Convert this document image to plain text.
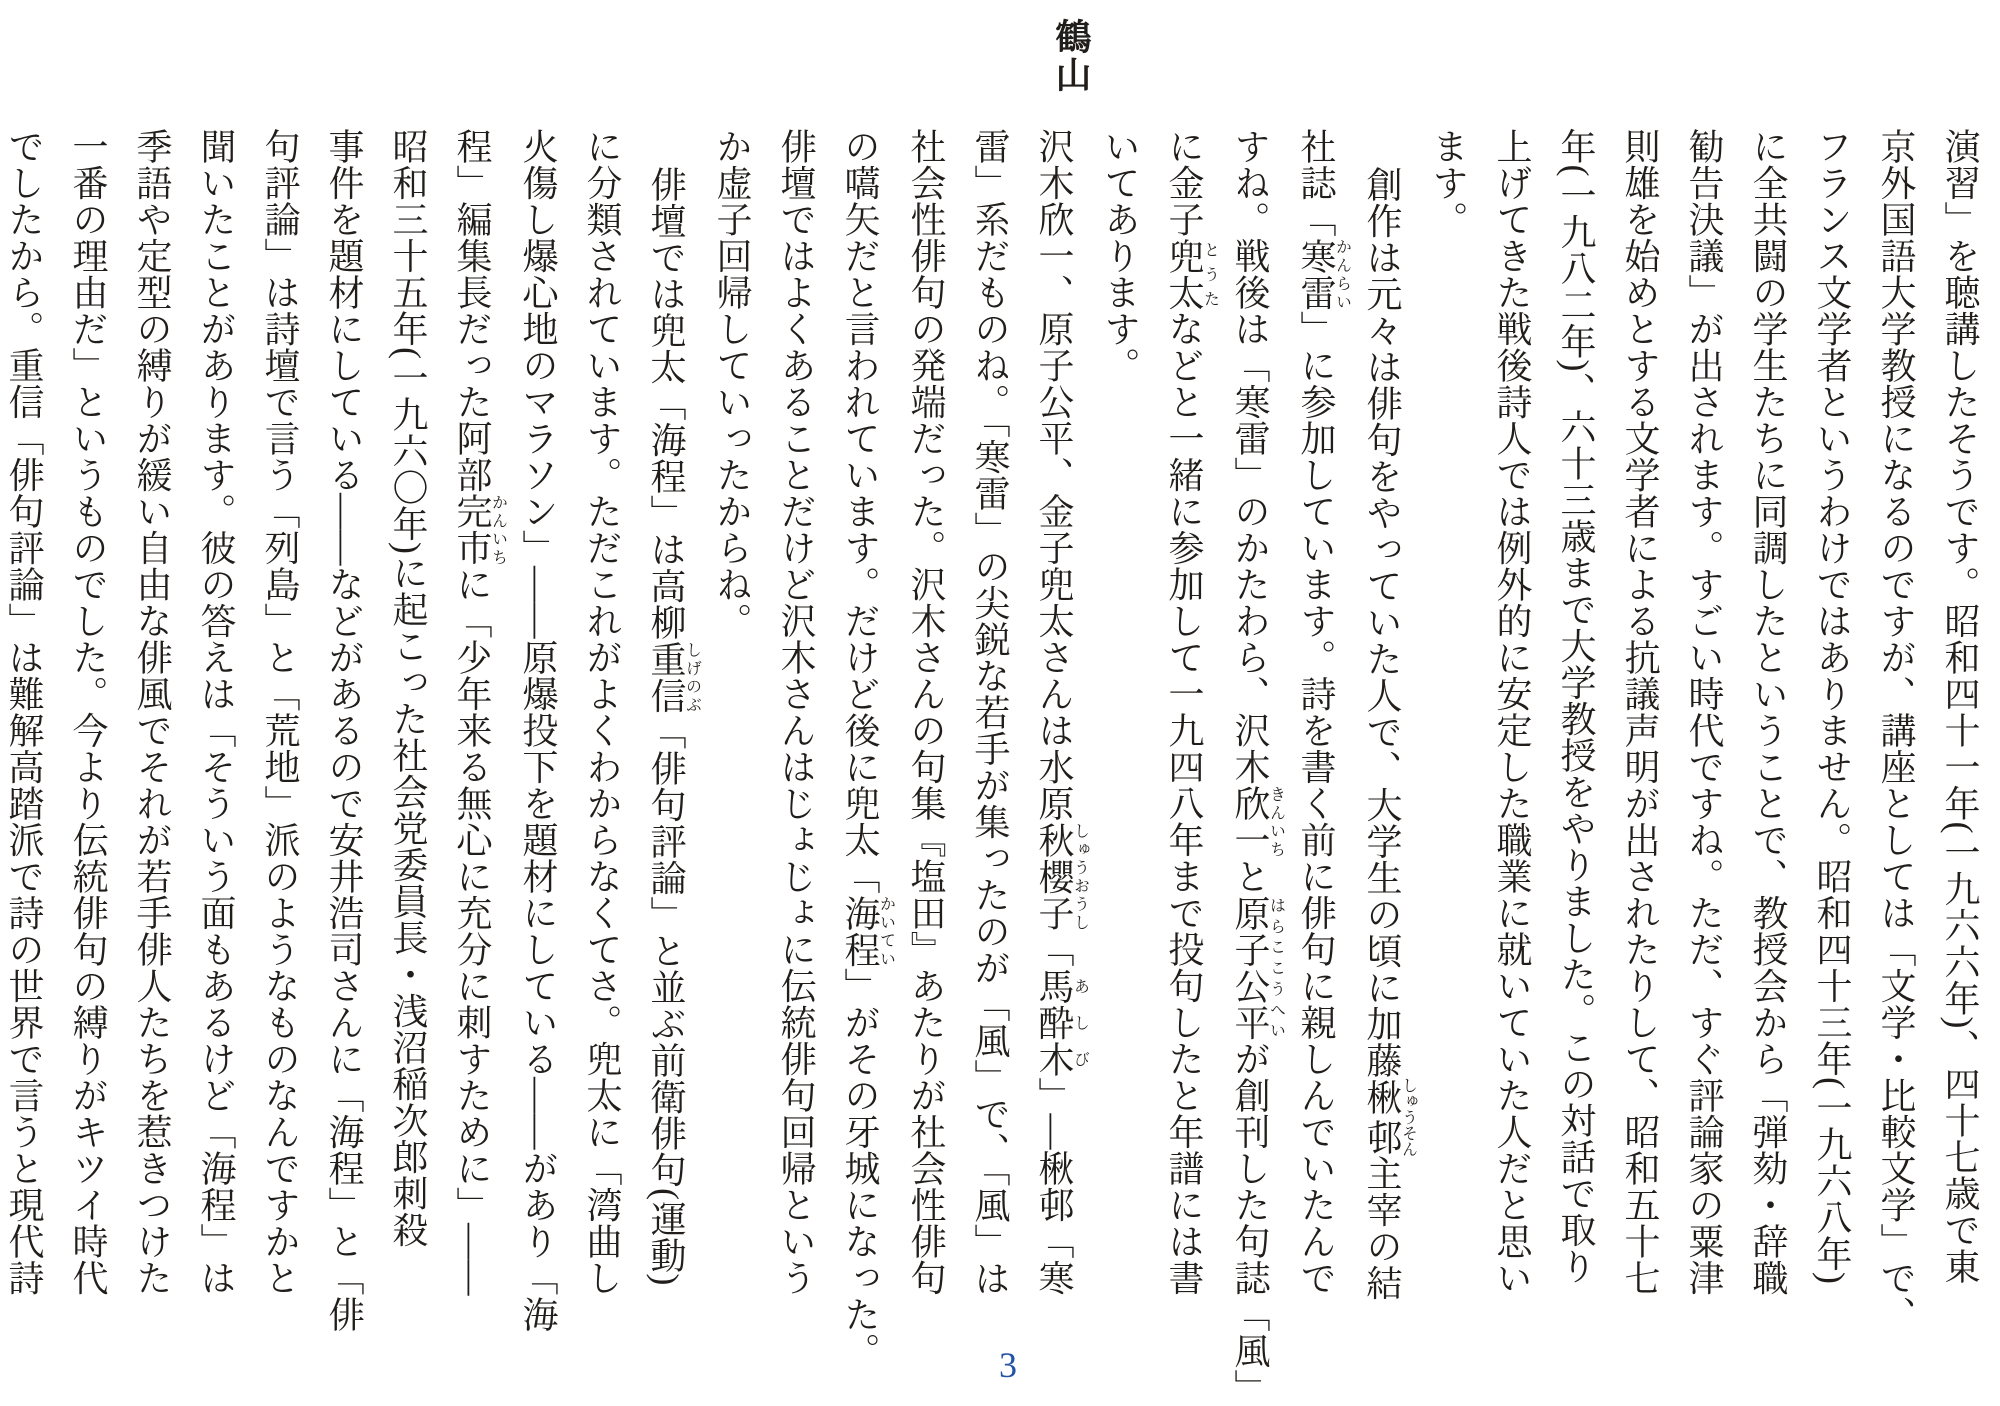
鶴山
演習」を聴講したそうです。昭和四十一年(一九六六年)、四十七歳で東
京外国語大学教授になるのですが、講座としては「文学・比較文学」で、
フランス文学者というわけではありません。昭和四十三年(一九六八年)
に全共闘の学生たちに同調したということで、教授会から「弾劾・辞職
勧告決議」が出されます。すごい時代ですね。ただ、すぐ評論家の粟津
則雄を始めとする文学者による抗議声明が出されたりして、昭和五十七
年(一九八二年)、六十三歳まで大学教授をやりました。この対話で取り
上げてきた戦後詩人では例外的に安定した職業に就いていた人だと思い
ます。
創作は元々は俳句をやっていた人で、大学生の頃に加藤楸邨しゅうそん主宰の結
社誌「寒雷かんらい」に参加しています。詩を書く前に俳句に親しんでいたんで
すね。戦後は「寒雷」のかたわら、沢木欣一きんいちと原子公平はらここうへいが創刊した句誌「風」
に金子兜太とうたなどと一緒に参加して一九四八年まで投句したと年譜には書
いてあります。
沢木欣一、原子公平、金子兜太さんは水原秋櫻子しゅうおうし「馬酔木あしび」―楸邨「寒
雷」系だものね。「寒雷」の尖鋭な若手が集ったのが「風」で、「風」は
社会性俳句の発端だった。沢木さんの句集『塩田』あたりが社会性俳句
の嚆矢だと言われています。だけど後に兜太「海程かいてい」がその牙城になった。
俳壇ではよくあることだけど沢木さんはじょじょに伝統俳句回帰という
か虚子回帰していったからね。
俳壇では兜太「海程」は高柳重信しげのぶ「俳句評論」と並ぶ前衛俳句(運動)
に分類されています。ただこれがよくわからなくてさ。兜太に「湾曲し
火傷し爆心地のマラソン」――原爆投下を題材にしている――があり「海
程」編集長だった阿部完市かんいちに「少年来る無心に充分に刺すために」――
昭和三十五年(一九六〇年)に起こった社会党委員長・浅沼稲次郎刺殺
事件を題材にしている――などがあるので安井浩司さんに「海程」と「俳
句評論」は詩壇で言う「列島」と「荒地」派のようなものなんですかと
聞いたことがあります。彼の答えは「そういう面もあるけど「海程」は
季語や定型の縛りが緩い自由な俳風でそれが若手俳人たちを惹きつけた
一番の理由だ」というものでした。今より伝統俳句の縛りがキツイ時代
でしたから。重信「俳句評論」は難解高踏派で詩の世界で言うと現代詩
3
